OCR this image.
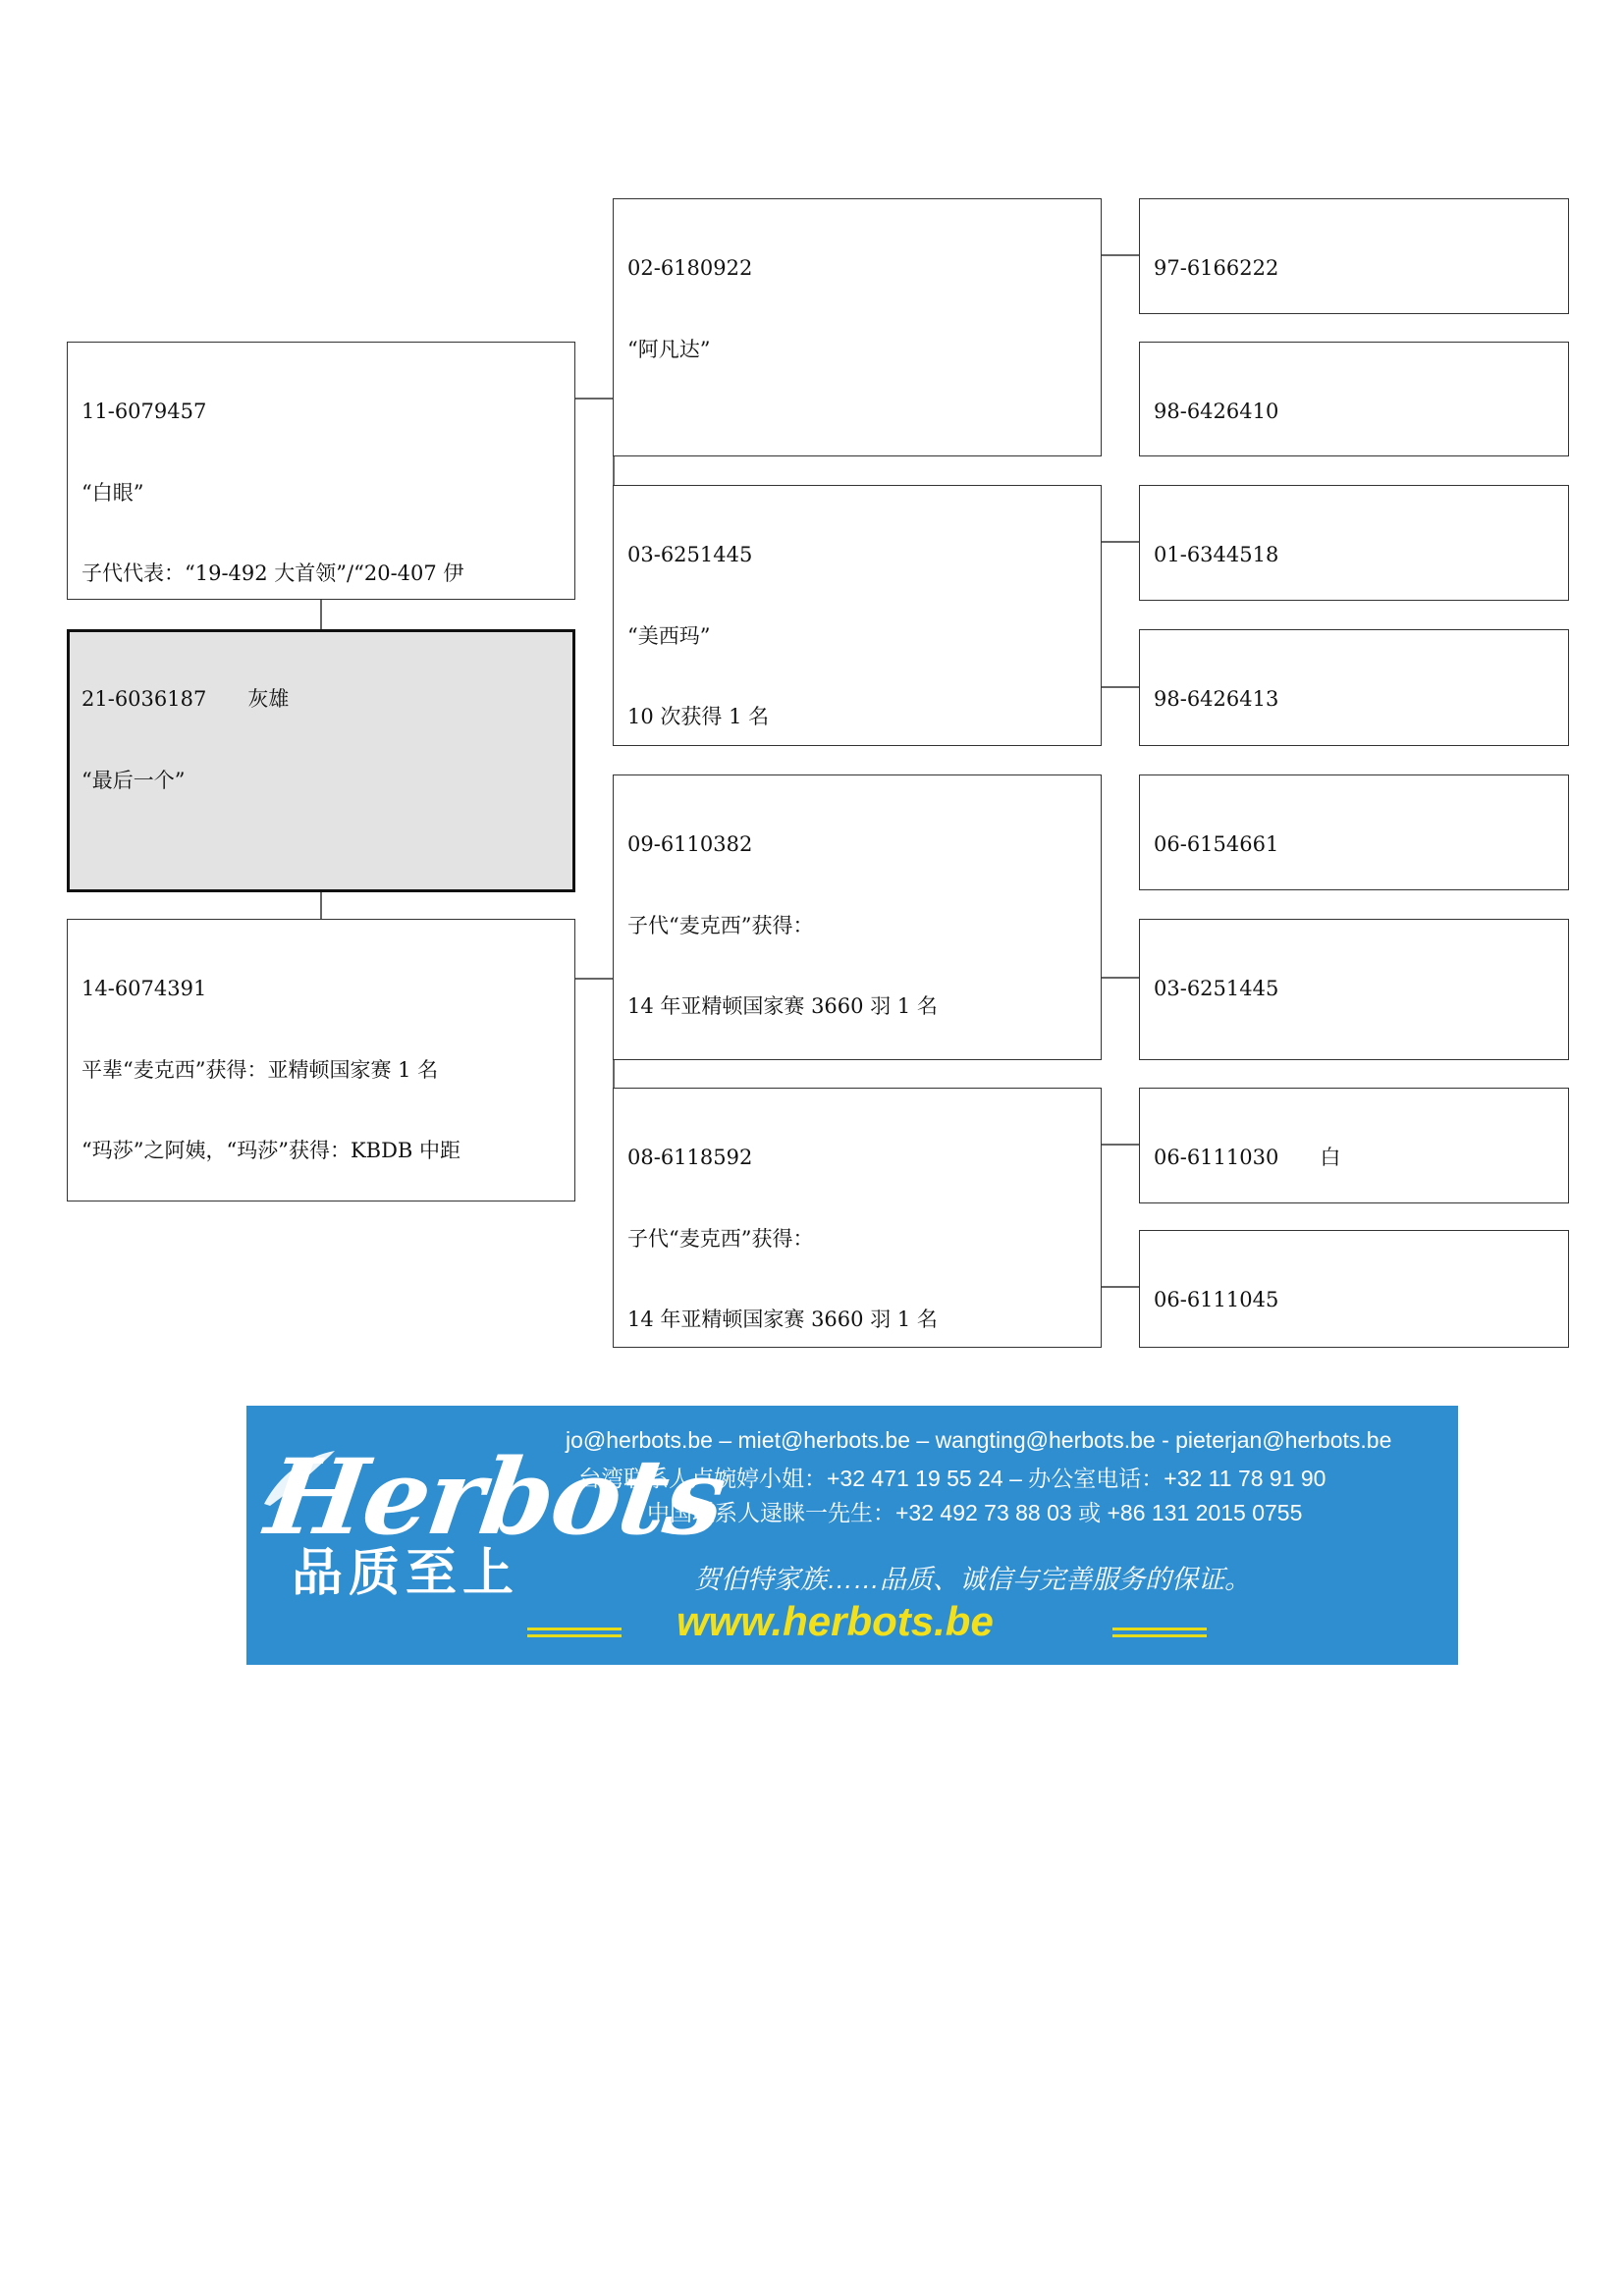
11-6079457

“白眼”

子代代表：“19-492 大首领”/“20-407 伊

21-6036187　　灰雄

“最后一个”

14-6074391

平辈“麦克西”获得：亚精顿国家赛 1 名

“玛莎”之阿姨，“玛莎”获得：KBDB 中距

02-6180922

“阿凡达”

03-6251445

“美西玛”

10 次获得 1 名

09-6110382

子代“麦克西”获得：

14 年亚精顿国家赛 3660 羽 1 名

08-6118592

子代“麦克西”获得：

14 年亚精顿国家赛 3660 羽 1 名

97-6166222

98-6426410

01-6344518

98-6426413

06-6154661

03-6251445

06-6111030　　白

06-6111045

Herbots
品质至上
jo@herbots.be – miet@herbots.be – wangting@herbots.be - pieterjan@herbots.be
台湾联系人卢婉婷小姐：+32 471 19 55 24 – 办公室电话：+32 11 78 91 90
中国联系人逯睐一先生：+32 492 73 88 03 或 +86 131 2015 0755
贺伯特家族……品质、诚信与完善服务的保证。
www.herbots.be
